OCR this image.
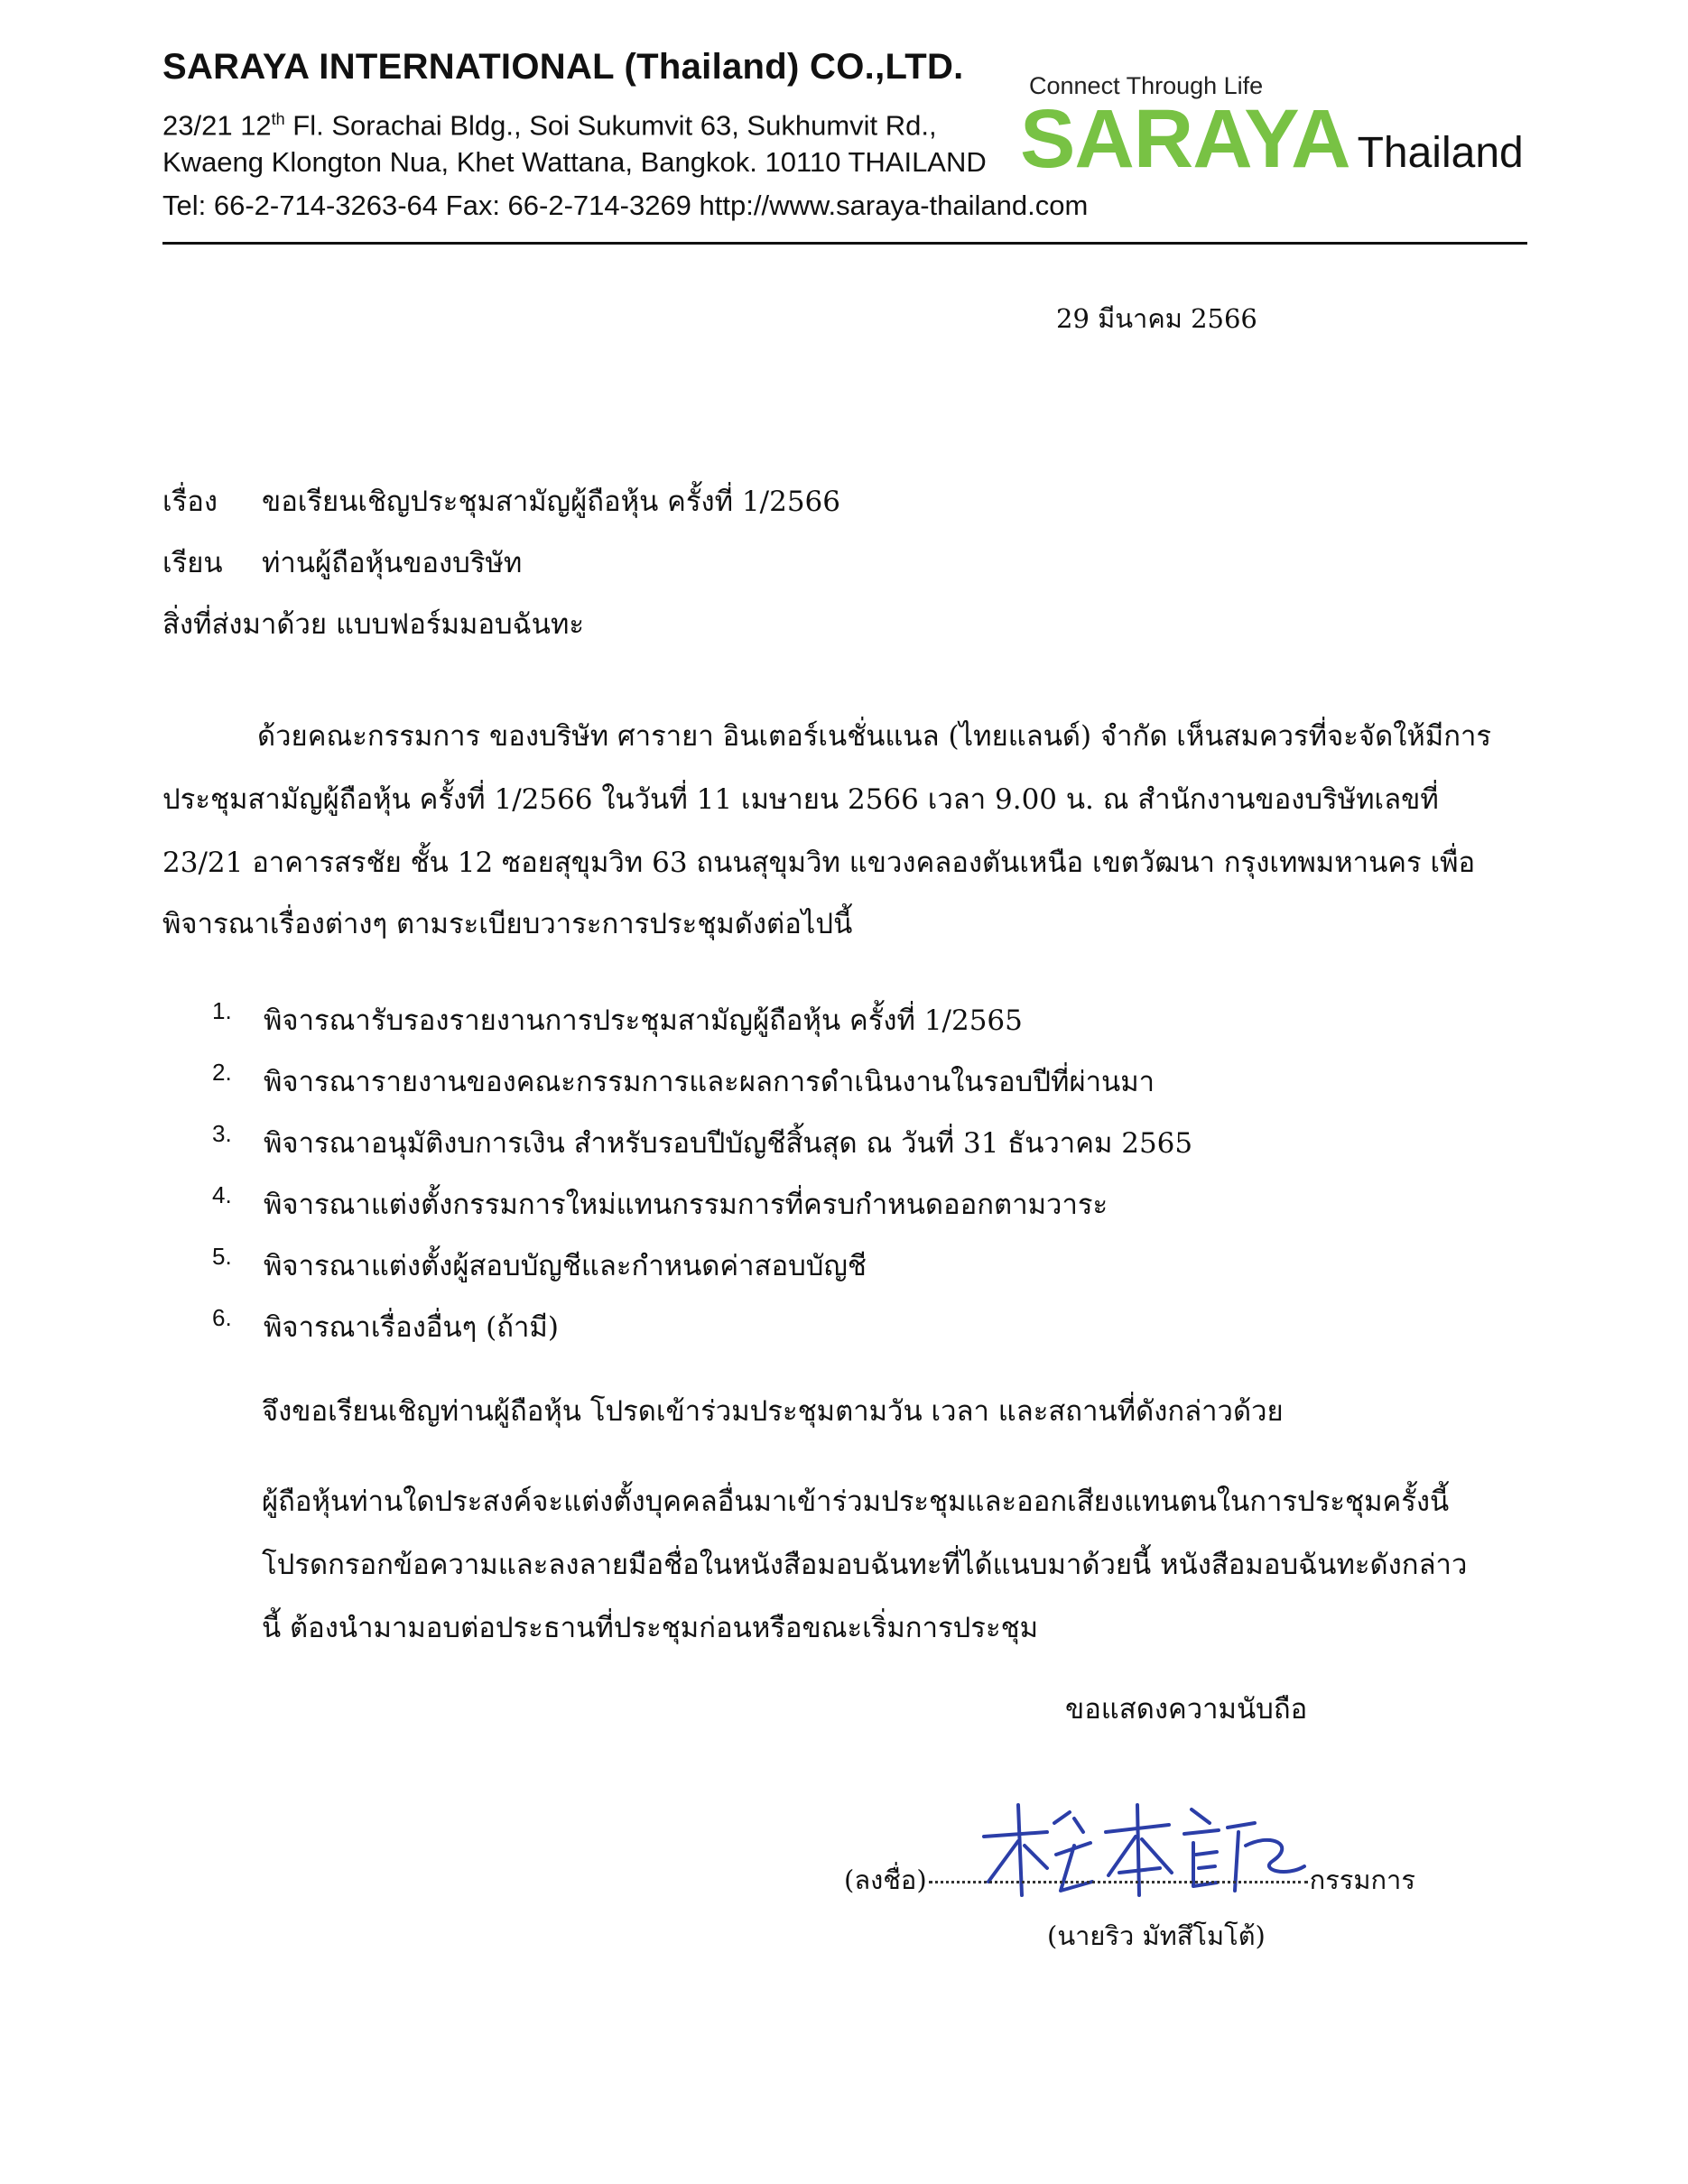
SARAYA INTERNATIONAL (Thailand) CO.,LTD.
23/21 12th Fl. Sorachai Bldg., Soi Sukumvit 63, Sukhumvit Rd.,
Kwaeng Klongton Nua, Khet Wattana, Bangkok. 10110 THAILAND
Tel: 66-2-714-3263-64 Fax: 66-2-714-3269 http://www.saraya-thailand.com
Connect Through Life
SARAYA Thailand
29 มีนาคม 2566
เรื่อง ขอเรียนเชิญประชุมสามัญผู้ถือหุ้น ครั้งที่ 1/2566
เรียน ท่านผู้ถือหุ้นของบริษัท
สิ่งที่ส่งมาด้วย แบบฟอร์มมอบฉันทะ
ด้วยคณะกรรมการ ของบริษัท ศารายา อินเตอร์เนชั่นแนล (ไทยแลนด์) จำกัด เห็นสมควรที่จะจัดให้มีการ
ประชุมสามัญผู้ถือหุ้น ครั้งที่ 1/2566 ในวันที่ 11 เมษายน 2566 เวลา 9.00 น. ณ สำนักงานของบริษัทเลขที่
23/21 อาคารสรชัย ชั้น 12 ซอยสุขุมวิท 63 ถนนสุขุมวิท แขวงคลองตันเหนือ เขตวัฒนา กรุงเทพมหานคร เพื่อ
พิจารณาเรื่องต่างๆ ตามระเบียบวาระการประชุมดังต่อไปนี้
1. พิจารณารับรองรายงานการประชุมสามัญผู้ถือหุ้น ครั้งที่ 1/2565
2. พิจารณารายงานของคณะกรรมการและผลการดำเนินงานในรอบปีที่ผ่านมา
3. พิจารณาอนุมัติงบการเงิน สำหรับรอบปีบัญชีสิ้นสุด ณ วันที่ 31 ธันวาคม 2565
4. พิจารณาแต่งตั้งกรรมการใหม่แทนกรรมการที่ครบกำหนดออกตามวาระ
5. พิจารณาแต่งตั้งผู้สอบบัญชีและกำหนดค่าสอบบัญชี
6. พิจารณาเรื่องอื่นๆ (ถ้ามี)
จึงขอเรียนเชิญท่านผู้ถือหุ้น โปรดเข้าร่วมประชุมตามวัน เวลา และสถานที่ดังกล่าวด้วย
ผู้ถือหุ้นท่านใดประสงค์จะแต่งตั้งบุคคลอื่นมาเข้าร่วมประชุมและออกเสียงแทนตนในการประชุมครั้งนี้
โปรดกรอกข้อความและลงลายมือชื่อในหนังสือมอบฉันทะที่ได้แนบมาด้วยนี้ หนังสือมอบฉันทะดังกล่าว
นี้ ต้องนำมามอบต่อประธานที่ประชุมก่อนหรือขณะเริ่มการประชุม
ขอแสดงความนับถือ
(ลงชื่อ)	กรรมการ
(นายริว มัทสึโมโต้)
